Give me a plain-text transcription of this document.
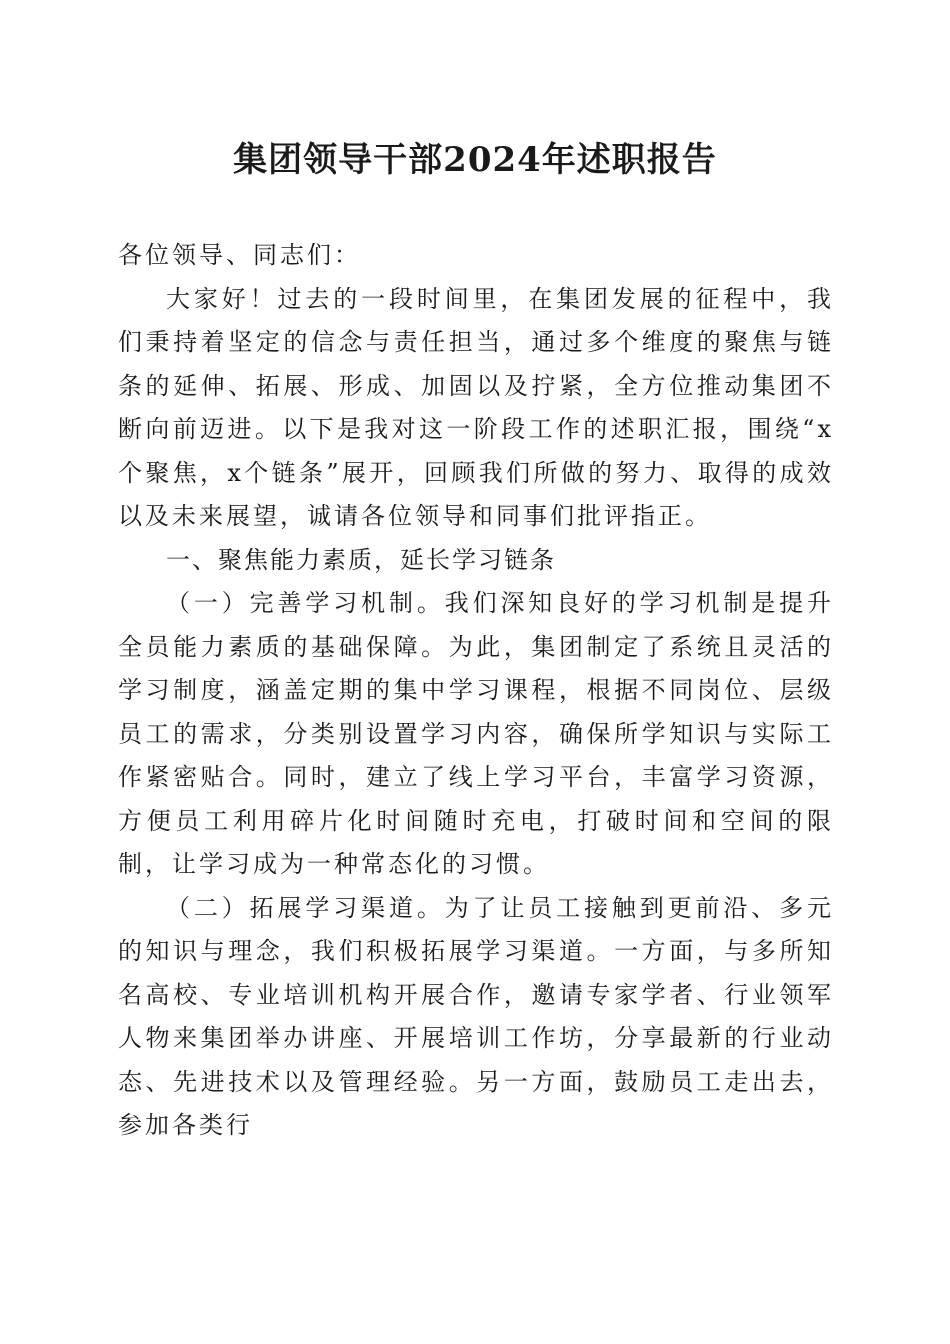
集团领导干部2024年述职报告

各位领导、同志们：

大家好！过去的一段时间里，在集团发展的征程中，我们秉持着坚定的信念与责任担当，通过多个维度的聚焦与链条的延伸、拓展、形成、加固以及拧紧，全方位推动集团不断向前迈进。以下是我对这一阶段工作的述职汇报，围绕“x个聚焦，x个链条”展开，回顾我们所做的努力、取得的成效以及未来展望，诚请各位领导和同事们批评指正。

一、聚焦能力素质，延长学习链条

（一）完善学习机制。我们深知良好的学习机制是提升全员能力素质的基础保障。为此，集团制定了系统且灵活的学习制度，涵盖定期的集中学习课程，根据不同岗位、层级员工的需求，分类别设置学习内容，确保所学知识与实际工作紧密贴合。同时，建立了线上学习平台，丰富学习资源，方便员工利用碎片化时间随时充电，打破时间和空间的限制，让学习成为一种常态化的习惯。

（二）拓展学习渠道。为了让员工接触到更前沿、多元的知识与理念，我们积极拓展学习渠道。一方面，与多所知名高校、专业培训机构开展合作，邀请专家学者、行业领军人物来集团举办讲座、开展培训工作坊，分享最新的行业动态、先进技术以及管理经验。另一方面，鼓励员工走出去，参加各类行
